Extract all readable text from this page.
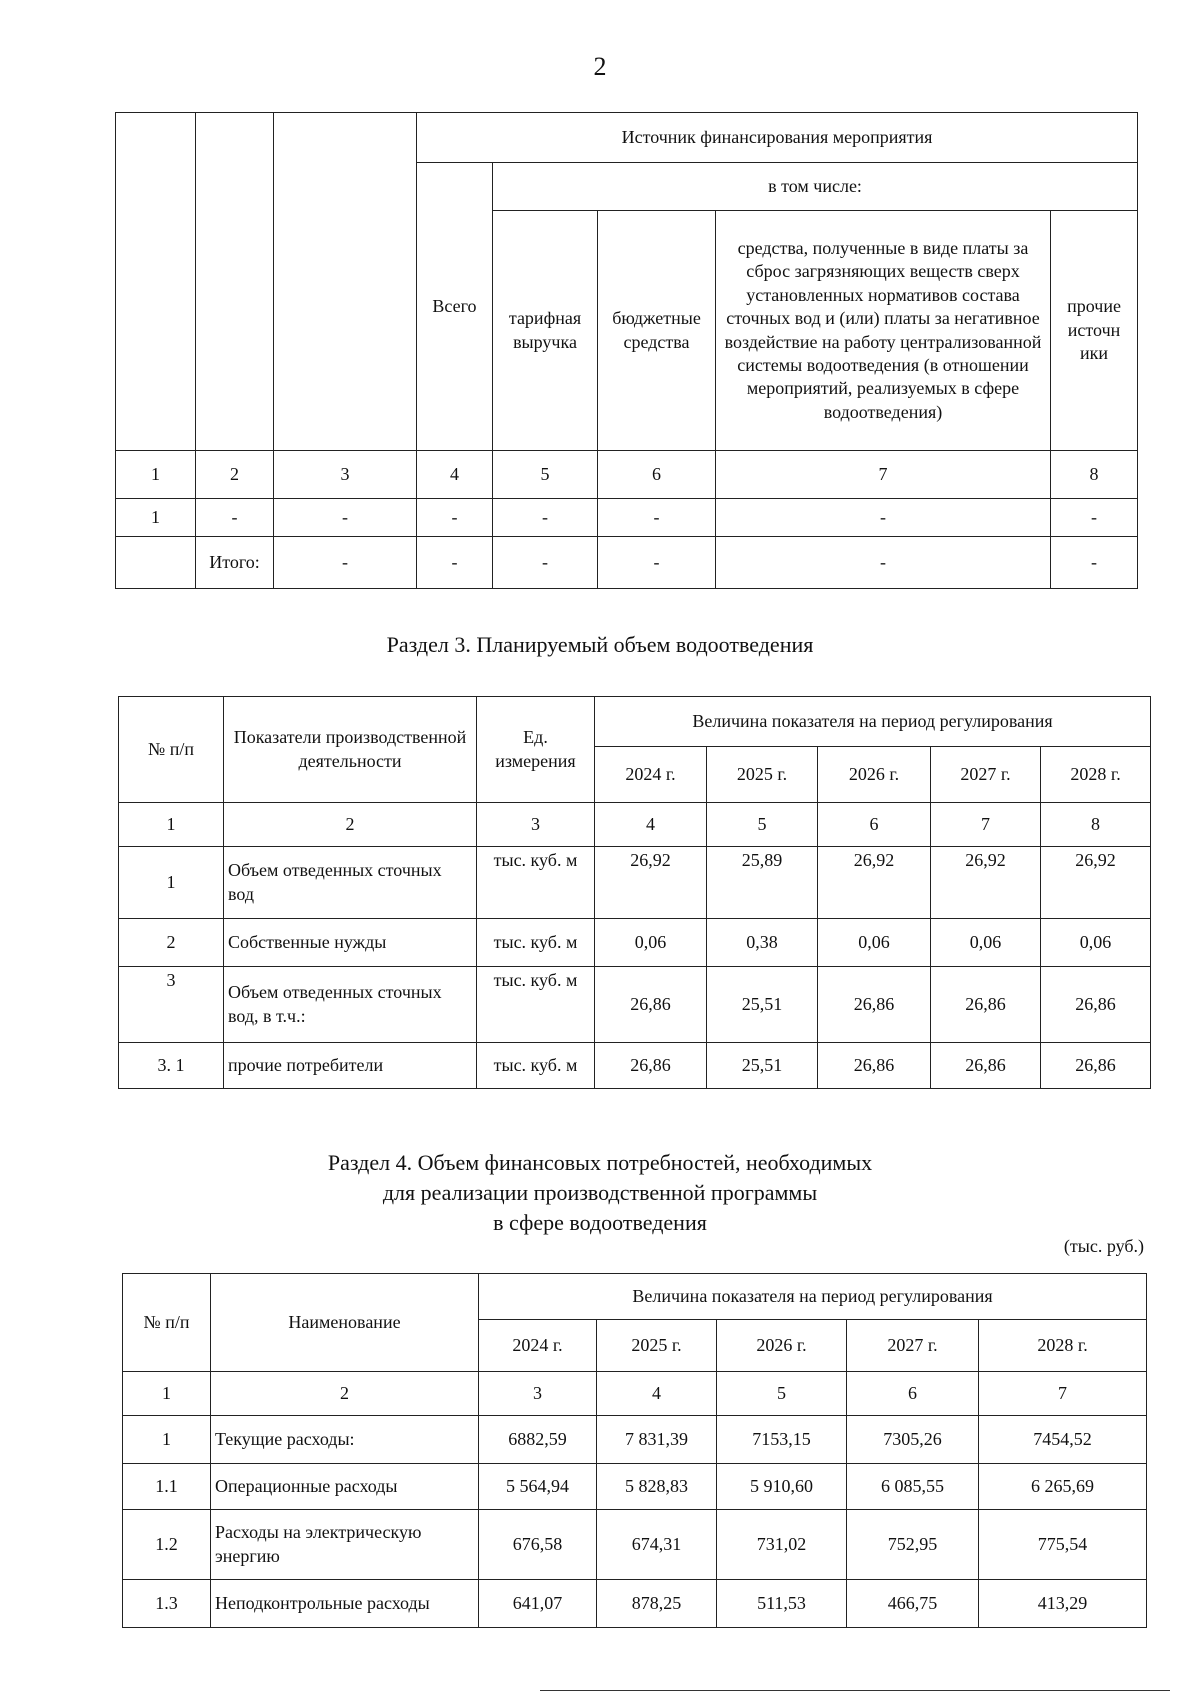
2
			Источник финансирования мероприятия				
			Всего	в том числе:			
				тарифная выручка	бюджетные средства	средства, полученные в виде платы за сброс загрязняющих веществ сверх установленных нормативов состава сточных вод и (или) платы за негативное воздействие на работу централизованной системы водоотведения (в отношении мероприятий, реализуемых в сфере водоотведения)	прочие источн ики
1	2	3	4	5	6	7	8
1	-	-	-	-	-	-	-
	Итого:	-	-	-	-	-	-
Раздел 3. Планируемый объем водоотведения
№ п/п	Показатели производственной деятельности	Ед. измерения	Величина показателя на период регулирования				
			2024 г.	2025 г.	2026 г.	2027 г.	2028 г.
1	2	3	4	5	6	7	8
1	Объем отведенных сточных вод	тыс. куб. м	26,92	25,89	26,92	26,92	26,92
2	Собственные нужды	тыс. куб. м	0,06	0,38	0,06	0,06	0,06
3	Объем отведенных сточных вод, в т.ч.:	тыс. куб. м	26,86	25,51	26,86	26,86	26,86
3. 1	прочие потребители	тыс. куб. м	26,86	25,51	26,86	26,86	26,86
Раздел 4. Объем финансовых потребностей, необходимых
для реализации производственной программы
в сфере водоотведения
(тыс. руб.)
№ п/п	Наименование	Величина показателя на период регулирования				
		2024 г.	2025 г.	2026 г.	2027 г.	2028 г.
1	2	3	4	5	6	7
1	Текущие расходы:	6882,59	7 831,39	7153,15	7305,26	7454,52
1.1	Операционные расходы	5 564,94	5 828,83	5 910,60	6 085,55	6 265,69
1.2	Расходы на электрическую энергию	676,58	674,31	731,02	752,95	775,54
1.3	Неподконтрольные расходы	641,07	878,25	511,53	466,75	413,29
